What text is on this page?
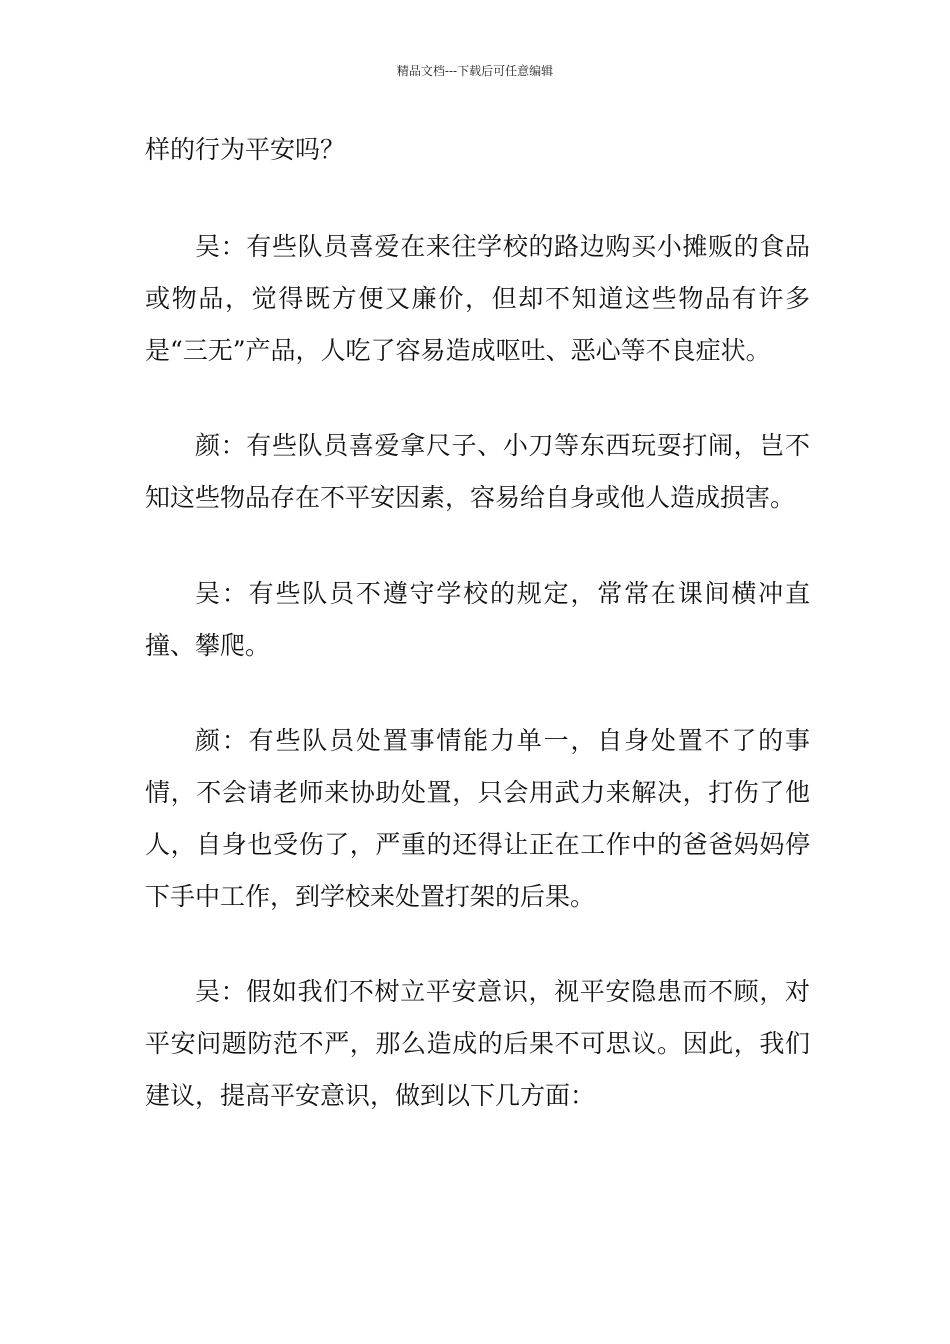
精品文档---下载后可任意编辑

样的行为平安吗？

吴：有些队员喜爱在来往学校的路边购买小摊贩的食品或物品，觉得既方便又廉价，但却不知道这些物品有许多是“三无”产品，人吃了容易造成呕吐、恶心等不良症状。

颜：有些队员喜爱拿尺子、小刀等东西玩耍打闹，岂不知这些物品存在不平安因素，容易给自身或他人造成损害。

吴：有些队员不遵守学校的规定，常常在课间横冲直撞、攀爬。

颜：有些队员处置事情能力单一，自身处置不了的事情，不会请老师来协助处置，只会用武力来解决，打伤了他人，自身也受伤了，严重的还得让正在工作中的爸爸妈妈停下手中工作，到学校来处置打架的后果。

吴：假如我们不树立平安意识，视平安隐患而不顾，对平安问题防范不严，那么造成的后果不可思议。因此，我们建议，提高平安意识，做到以下几方面：
